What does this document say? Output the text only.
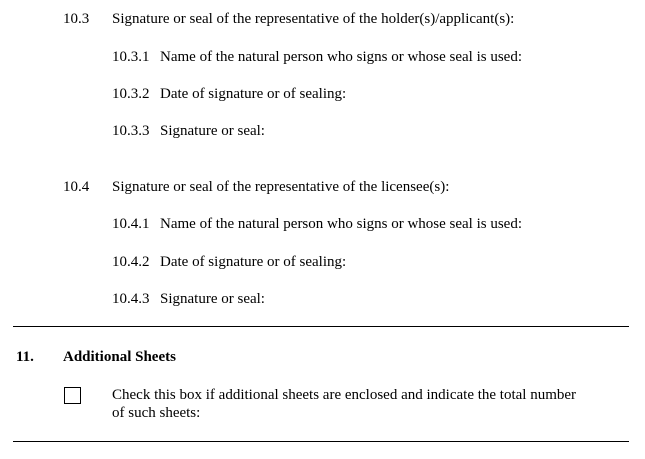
10.3 Signature or seal of the representative of the holder(s)/applicant(s):
10.3.1 Name of the natural person who signs or whose seal is used:
10.3.2 Date of signature or of sealing:
10.3.3 Signature or seal:
10.4 Signature or seal of the representative of the licensee(s):
10.4.1 Name of the natural person who signs or whose seal is used:
10.4.2 Date of signature or of sealing:
10.4.3 Signature or seal:
11. Additional Sheets
Check this box if additional sheets are enclosed and indicate the total number
of such sheets:
